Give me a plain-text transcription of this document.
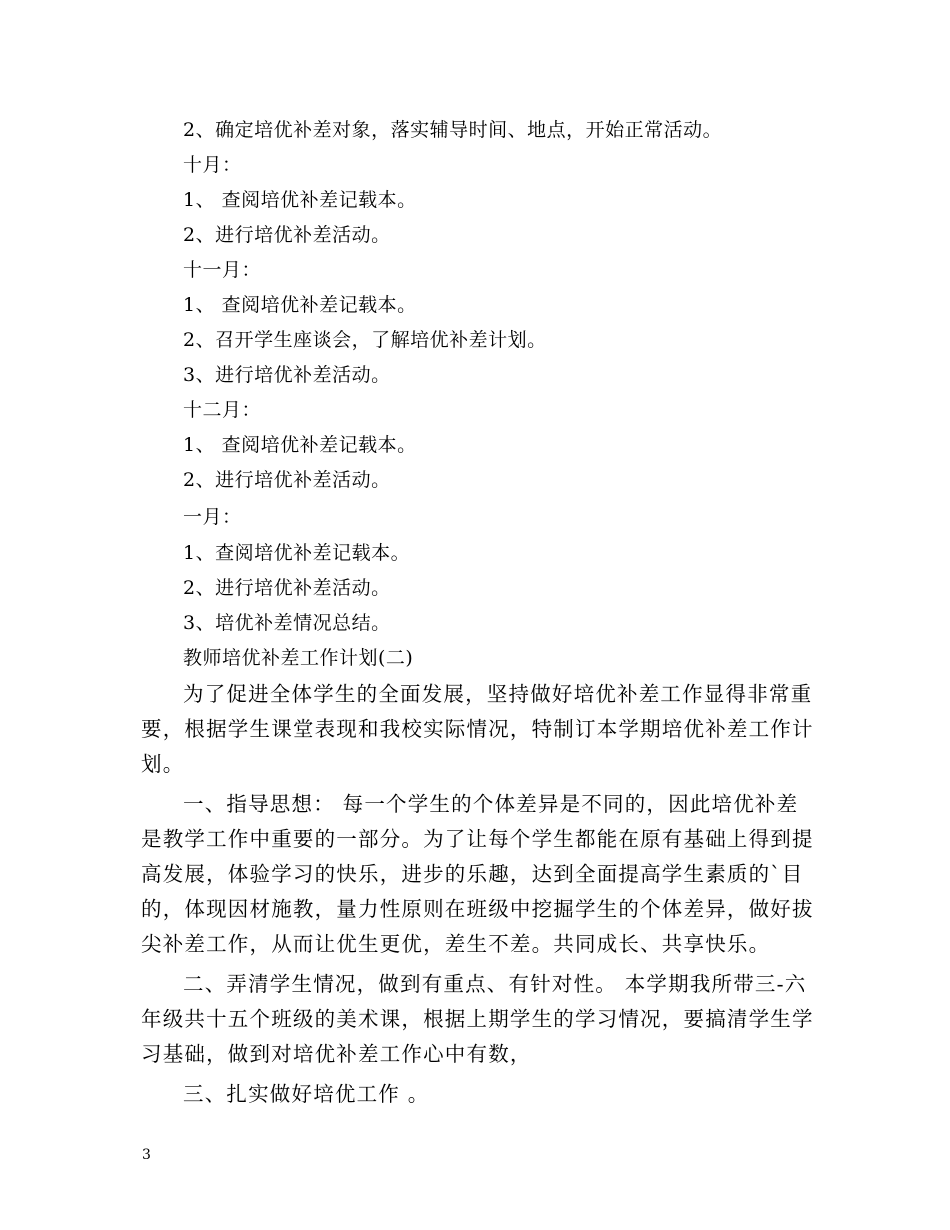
2、确定培优补差对象，落实辅导时间、地点，开始正常活动。
十月：
1、 查阅培优补差记载本。
2、进行培优补差活动。
十一月：
1、 查阅培优补差记载本。
2、召开学生座谈会，了解培优补差计划。
3、进行培优补差活动。
十二月：
1、 查阅培优补差记载本。
2、进行培优补差活动。
一月：
1、查阅培优补差记载本。
2、进行培优补差活动。
3、培优补差情况总结。
教师培优补差工作计划(二)
为了促进全体学生的全面发展，坚持做好培优补差工作显得非常重
要，根据学生课堂表现和我校实际情况，特制订本学期培优补差工作计
划。
一、指导思想： 每一个学生的个体差异是不同的，因此培优补差
是教学工作中重要的一部分。为了让每个学生都能在原有基础上得到提
高发展，体验学习的快乐，进步的乐趣，达到全面提高学生素质的`目
的，体现因材施教，量力性原则在班级中挖掘学生的个体差异，做好拔
尖补差工作，从而让优生更优，差生不差。共同成长、共享快乐。
二、弄清学生情况，做到有重点、有针对性。 本学期我所带三-六
年级共十五个班级的美术课，根据上期学生的学习情况，要搞清学生学
习基础，做到对培优补差工作心中有数，
三、扎实做好培优工作 。
3
